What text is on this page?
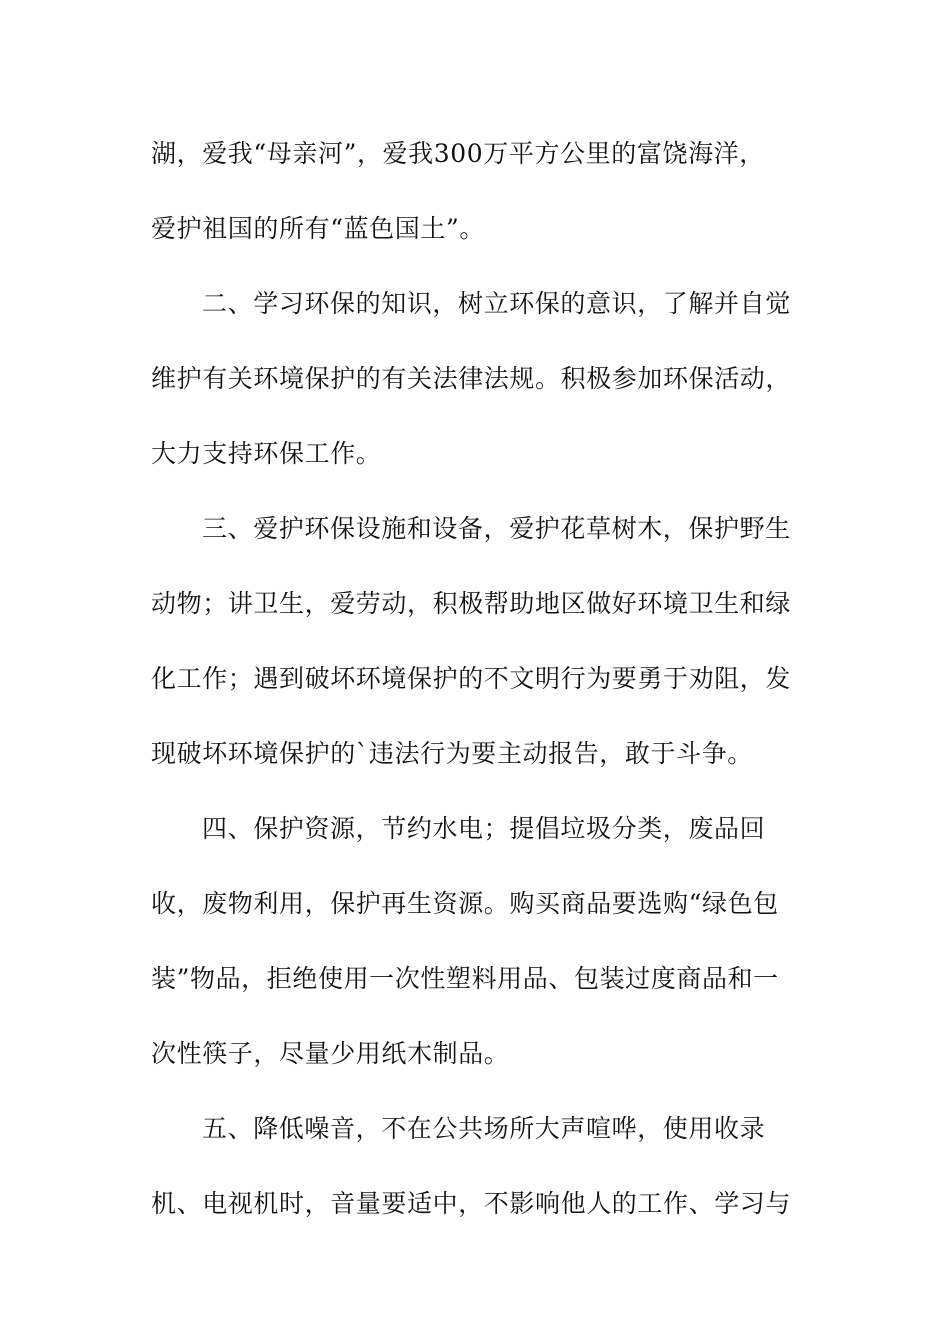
湖，爱我“母亲河”，爱我300万平方公里的富饶海洋，
爱护祖国的所有“蓝色国土”。
二、学习环保的知识，树立环保的意识，了解并自觉
维护有关环境保护的有关法律法规。积极参加环保活动，
大力支持环保工作。
三、爱护环保设施和设备，爱护花草树木，保护野生
动物；讲卫生，爱劳动，积极帮助地区做好环境卫生和绿
化工作；遇到破坏环境保护的不文明行为要勇于劝阻，发
现破坏环境保护的`违法行为要主动报告，敢于斗争。
四、保护资源，节约水电；提倡垃圾分类，废品回
收，废物利用，保护再生资源。购买商品要选购“绿色包
装”物品，拒绝使用一次性塑料用品、包装过度商品和一
次性筷子，尽量少用纸木制品。
五、降低噪音，不在公共场所大声喧哗，使用收录
机、电视机时，音量要适中，不影响他人的工作、学习与
